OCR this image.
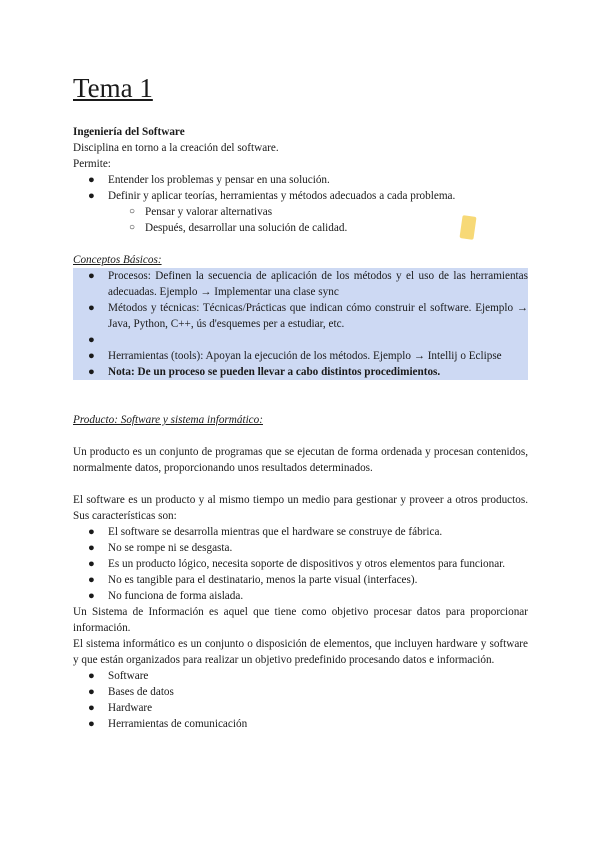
Tema 1
Ingeniería del Software
Disciplina en torno a la creación del software.
Permite:
● Entender los problemas y pensar en una solución.
● Definir y aplicar teorías, herramientas y métodos adecuados a cada problema.
○ Pensar y valorar alternativas
○ Después, desarrollar una solución de calidad.
Conceptos Básicos:
● Procesos: Definen la secuencia de aplicación de los métodos y el uso de las herramientas adecuadas. Ejemplo → Implementar una clase sync
● Métodos y técnicas: Técnicas/Prácticas que indican cómo construir el software. Ejemplo → Java, Python, C++, ús d'esquemes per a estudiar, etc.
●
● Herramientas (tools): Apoyan la ejecución de los métodos. Ejemplo → Intellij o Eclipse
● Nota: De un proceso se pueden llevar a cabo distintos procedimientos.
Producto: Software y sistema informático:
Un producto es un conjunto de programas que se ejecutan de forma ordenada y procesan contenidos, normalmente datos, proporcionando unos resultados determinados.
El software es un producto y al mismo tiempo un medio para gestionar y proveer a otros productos. Sus características son:
● El software se desarrolla mientras que el hardware se construye de fábrica.
● No se rompe ni se desgasta.
● Es un producto lógico, necesita soporte de dispositivos y otros elementos para funcionar.
● No es tangible para el destinatario, menos la parte visual (interfaces).
● No funciona de forma aislada.
Un Sistema de Información es aquel que tiene como objetivo procesar datos para proporcionar información.
El sistema informático es un conjunto o disposición de elementos, que incluyen hardware y software y que están organizados para realizar un objetivo predefinido procesando datos e información.
● Software
● Bases de datos
● Hardware
● Herramientas de comunicación
